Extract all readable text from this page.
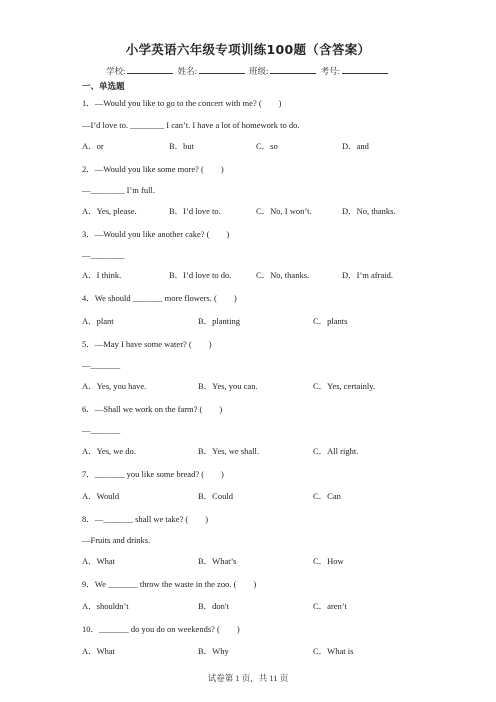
小学英语六年级专项训练100题（含答案）
学校:	姓名:	班级:	考号:
一、单选题
1．—Would you like to go to the concert with me? (　　)
—I’d love to. ________ I can’t. I have a lot of homework to do.
A．or	B．but	C．so	D．and
2．—Would you like some more? (　　)
—________ I’m full.
A．Yes, please.	B．I’d love to.	C．No, I won’t.	D．No, thanks.
3．—Would you like another cake? (　　)
—________
A．I think.	B．I’d love to do.	C．No, thanks.	D．I’m afraid.
4．We should _______ more flowers. (　　)
A．plant	B．planting	C．plants
5．—May I have some water? (　　)
—_______
A．Yes, you have.	B．Yes, you can.	C．Yes, certainly.
6．—Shall we work on the farm? (　　)
—_______
A．Yes, we do.	B．Yes, we shall.	C．All right.
7．_______ you like some bread? (　　)
A．Would	B．Could	C．Can
8．—_______ shall we take? (　　)
—Fruits and drinks.
A．What	B．What’s	C．How
9．We _______ throw the waste in the zoo. (　　)
A．shouldn’t	B．don't	C．aren’t
10．_______ do you do on weekends? (　　)
A．What	B．Why	C．What is
试卷第 1 页，共 11 页
